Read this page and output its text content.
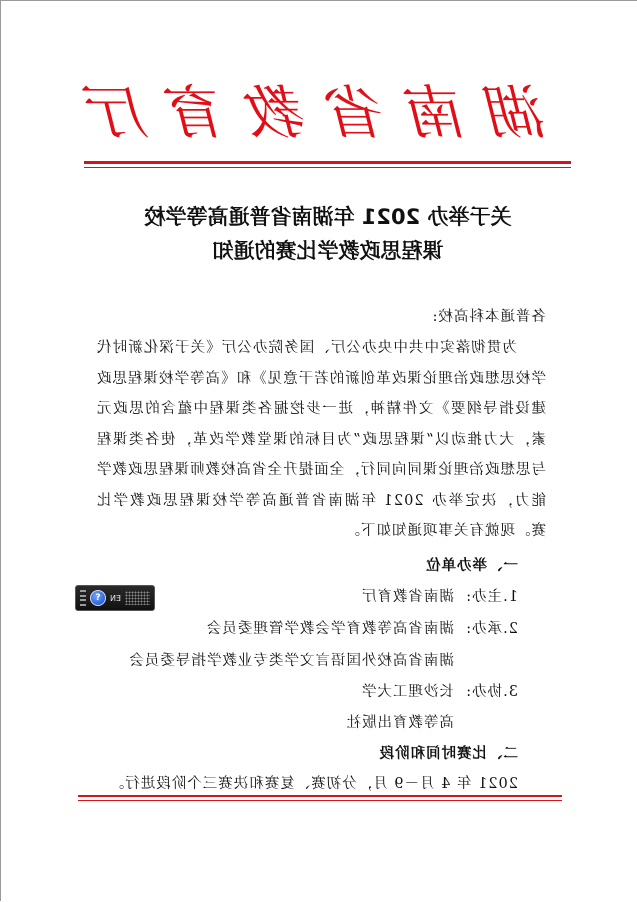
湖南省教育厅
关于举办 2021 年湖南省普通高等学校
课程思政教学比赛的通知
各普通本科高校:

为贯彻落实中共中央办公厅、国务院办公厅《关于深化新时代学校思想政治理论课改革创新的若干意见》和《高等学校课程思政建设指导纲要》文件精神，进一步挖掘各类课程中蕴含的思政元素，大力推动以“课程思政”为目标的课堂教学改革，使各类课程与思想政治理论课同向同行，全面提升全省高校教师课程思政教学能力，决定举办 2021 年湖南省普通高等学校课程思政教学比赛。现就有关事项通知如下。

一、举办单位
1.主办:
湖南省教育厅
2.承办:
湖南省高等教育学会教学管理委员会
湖南省高校外国语言文学类专业教学指导委员会
3.协办:
长沙理工大学
高等教育出版社
二、比赛时间和阶段
2021 年 4 月－9 月，分初赛、复赛和决赛三个阶段进行。
?	EN
